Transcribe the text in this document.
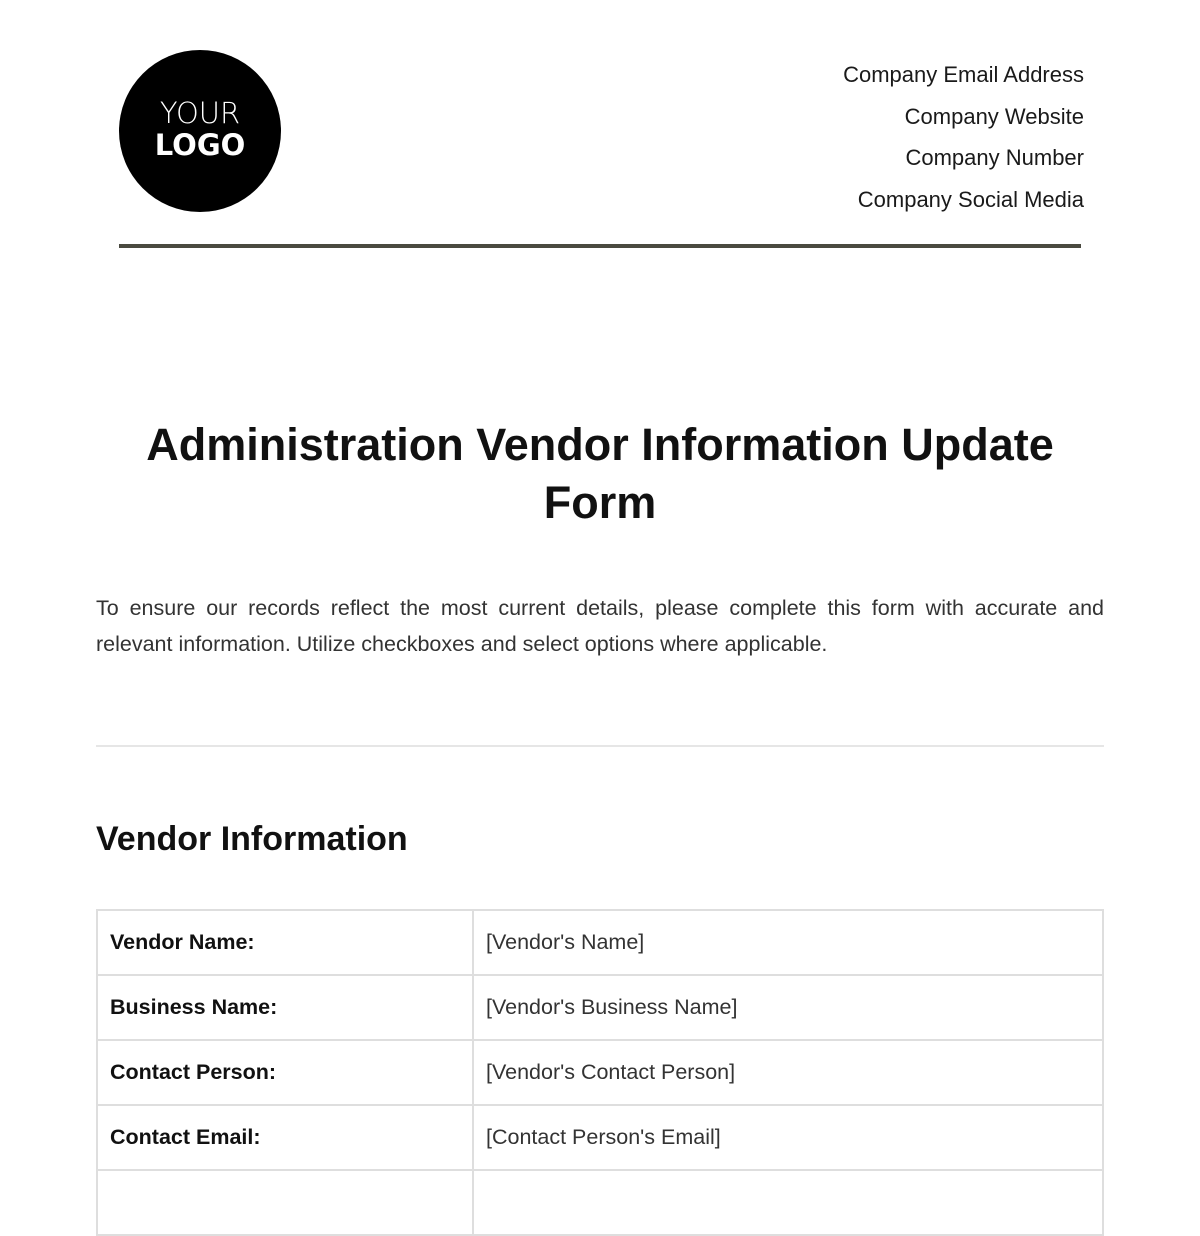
YOUR
LOGO
Company Email Address
Company Website
Company Number
Company Social Media
Administration Vendor Information Update Form

To ensure our records reflect the most current details, please complete this form with accurate and relevant information. Utilize checkboxes and select options where applicable.

Vendor Information
Vendor Name:	[Vendor's Name]
Business Name:	[Vendor's Business Name]
Contact Person:	[Vendor's Contact Person]
Contact Email:	[Contact Person's Email]
